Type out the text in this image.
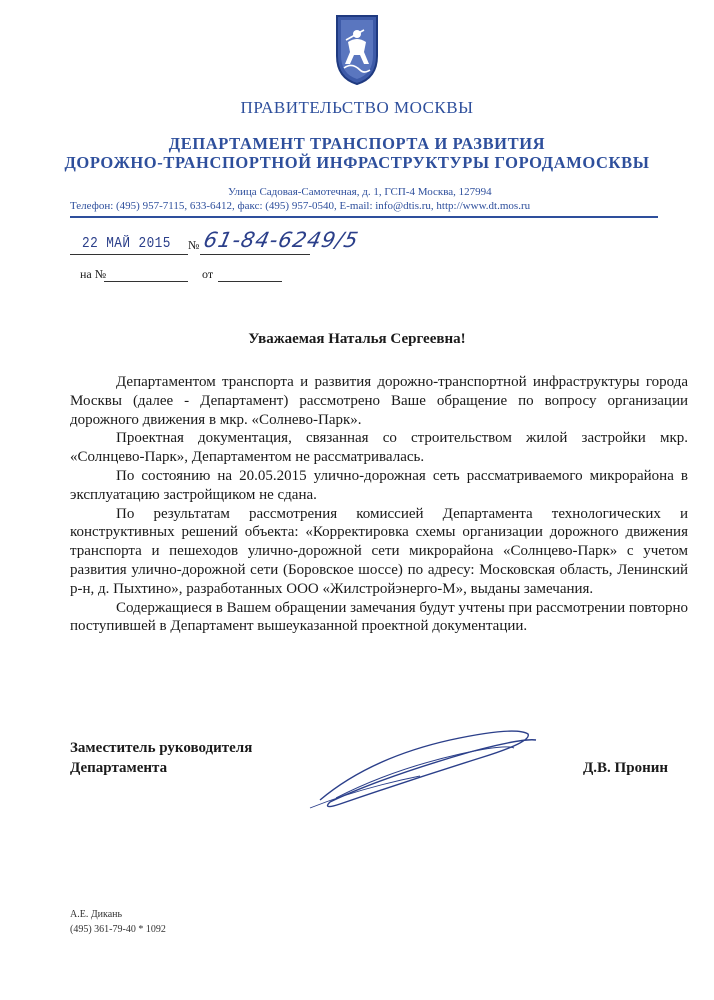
ПРАВИТЕЛЬСТВО МОСКВЫ
ДЕПАРТАМЕНТ ТРАНСПОРТА И РАЗВИТИЯ
ДОРОЖНО-ТРАНСПОРТНОЙ ИНФРАСТРУКТУРЫ ГОРОДАМОСКВЫ
Улица Садовая-Самотечная, д. 1, ГСП-4 Москва, 127994
Телефон: (495) 957-7115, 633-6412, факс: (495) 957-0540, E-mail: info@dtis.ru, http://www.dt.mos.ru
22 МАЙ 2015 № 61-84-6249/5
на №	от
Уважаемая Наталья Сергеевна!

Департаментом транспорта и развития дорожно-транспортной инфраструктуры города Москвы (далее - Департамент) рассмотрено Ваше обращение по вопросу организации дорожного движения в мкр. «Солнево-Парк».

Проектная документация, связанная со строительством жилой застройки мкр. «Солнцево-Парк», Департаментом не рассматривалась.

По состоянию на 20.05.2015 улично-дорожная сеть рассматриваемого микрорайона в эксплуатацию застройщиком не сдана.

По результатам рассмотрения комиссией Департамента технологических и конструктивных решений объекта: «Корректировка схемы организации дорожного движения транспорта и пешеходов улично-дорожной сети микрорайона «Солнцево-Парк» с учетом развития улично-дорожной сети (Боровское шоссе) по адресу: Московская область, Ленинский р-н, д. Пыхтино», разработанных ООО «Жилстройэнерго-М», выданы замечания.

Содержащиеся в Вашем обращении замечания будут учтены при рассмотрении повторно поступившей в Департамент вышеуказанной проектной документации.

Заместитель руководителя
Департамента	Д.В. Пронин
А.Е. Дикань
(495) 361-79-40 * 1092
